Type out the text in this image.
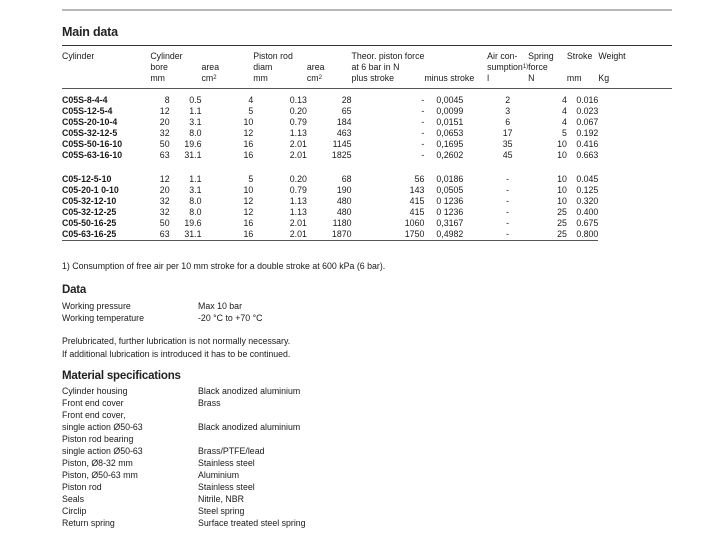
Main data
Cylinder	Cylinder			Piston rod		Theor. piston force		Air con-	Spring	Stroke	Weight
	bore		area	diam	area	at 6 bar in N		sumption$^{1)}$	force		
	mm		$cm^2$	mm	$cm^2$	plus stroke	minus stroke	l	N	mm	Kg
C05S-8-4-4	8	0.5	4	0.13	28	-	0,0045	2	4	0.016	
C05S-12-5-4	12	1.1	5	0.20	65	-	0,0099	3	4	0.023	
C05S-20-10-4	20	3.1	10	0.79	184	-	0,0151	6	4	0.067	
C05S-32-12-5	32	8.0	12	1.13	463	-	0,0653	17	5	0.192	
C05S-50-16-10	50	19.6	16	2.01	1145	-	0,1695	35	10	0.416	
C05S-63-16-10	63	31.1	16	2.01	1825	-	0,2602	45	10	0.663	
C05-12-5-10	12	1.1	5	0.20	68	56	0,0186	-	10	0.045	
C05-20-1 0-10	20	3.1	10	0.79	190	143	0,0505	-	10	0.125	
C05-32-12-10	32	8.0	12	1.13	480	415	0 1236	-	10	0.320	
C05-32-12-25	32	8.0	12	1.13	480	415	0 1236	-	25	0.400	
C05-50-16-25	50	19.6	16	2.01	1180	1060	0,3167	-	25	0.675	
C05-63-16-25	63	31.1	16	2.01	1870	1750	0,4982	-	25	0.800	
1) Consumption of free air per 10 mm stroke for a double stroke at 600 kPa (6 bar).
Data
Working pressure	Max 10 bar
Working temperature	-20 °C to +70 °C
Prelubricated, further lubrication is not normally necessary.
If additional lubrication is introduced it has to be continued.
Material specifications
Cylinder housing	Black anodized aluminium
Front end cover	Brass
Front end cover,
single action Ø50-63	Black anodized aluminium
Piston rod bearing
single action Ø50-63	Brass/PTFE/lead
Piston, Ø8-32 mm	Stainless steel
Piston, Ø50-63 mm	Aluminium
Piston rod	Stainless steel
Seals	Nitrile, NBR
Circlip	Steel spring
Return spring	Surface treated steel spring
